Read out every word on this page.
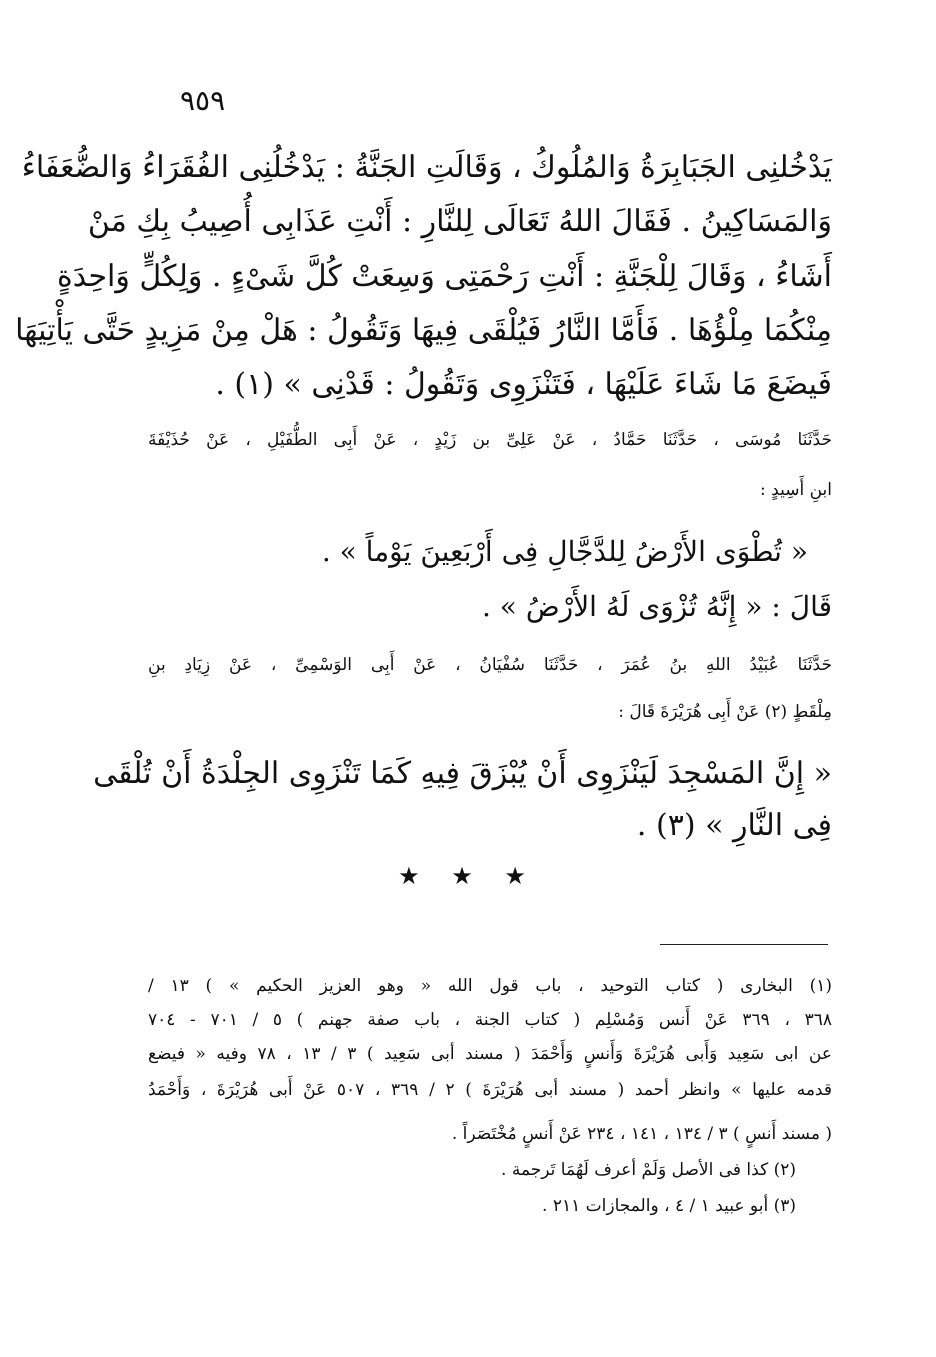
٩٥٩
يَدْخُلنِى الجَبَابِرَةُ وَالمُلُوكُ ، وَقَالَتِ الجَنَّةُ : يَدْخُلُنِى الفُقَرَاءُ وَالضُّعَفَاءُ
وَالمَسَاكِينُ . فَقَالَ اللهُ تَعَالَى لِلنَّارِ : أَنْتِ عَذَابِى أُصِيبُ بِكِ مَنْ
أَشَاءُ ، وَقَالَ لِلْجَنَّةِ : أَنْتِ رَحْمَتِى وَسِعَتْ كُلَّ شَىْءٍ . وَلِكُلٍّ وَاحِدَةٍ
مِنْكُمَا مِلْؤُهَا . فَأَمَّا النَّارُ فَيُلْقَى فِيهَا وَتَقُولُ : هَلْ مِنْ مَزِيدٍ حَتَّى يَأْتِيَهَا
فَيضَعَ مَا شَاءَ عَلَيْهَا ، فَتَنْزَوِى وَتَقُولُ : قَدْنِى » (١) .
حَدَّثَنَا مُوسَى ، حَدَّثَنَا حَمَّادُ ، عَنْ عَلِىِّ بن زَيْدٍ ، عَنْ أَبِى الطُّفَيْلِ ، عَنْ حُذَيْفَةَ
ابنِ أَسِيدٍ :
« تُطْوَى الأَرْضُ لِلدَّجَّالِ فِى أَرْبَعِينَ يَوْماً » .
قَالَ : « إِنَّهُ تُزْوَى لَهُ الأَرْضُ » .
حَدَّثَنَا عُبَيْدُ اللهِ بنُ عُمَرَ ، حَدَّثَنَا سُفْيَانُ ، عَنْ أَبِى الوَسْمِىِّ ، عَنْ زِيَادِ بنِ
مِلْقَطٍ (٢) عَنْ أَبِى هُرَيْرَةَ قَالَ :
« إِنَّ المَسْجِدَ لَيَنْزَوِى أَنْ يُبْزَقَ فِيهِ كَمَا تَنْزَوِى الجِلْدَةُ أَنْ تُلْقَى
فِى النَّارِ » (٣) .
★ ★ ★
(١) البخارى ( كتاب التوحيد ، باب قول الله « وهو العزيز الحكيم » ) ١٣ /
٣٦٨ ، ٣٦٩ عَنْ أَنس وَمُسْلِم ( كتاب الجنة ، باب صفة جهنم ) ٥ / ٧٠١ - ٧٠٤
عن ابى سَعِيد وَأَبى هُرَيْرَةَ وَأَنسٍ وَأَحْمَدَ ( مسند أبى سَعِيد ) ٣ / ١٣ ، ٧٨ وفيه « فيضع
قدمه عليها » وانظر أحمد ( مسند أبى هُرَيْرَةَ ) ٢ / ٣٦٩ ، ٥٠٧ عَنْ أَبى هُرَيْرَةَ ، وَأَحْمَدُ
( مسند أَنسٍ ) ٣ / ١٣٤ ، ١٤١ ، ٢٣٤ عَنْ أَنسٍ مُخْتَصَراً .
(٢) كذا فى الأصل وَلَمْ أعرف لَهُمَا تَرجمة .
(٣) أبو عبيد ١ / ٤ ، والمجازات ٢١١ .
